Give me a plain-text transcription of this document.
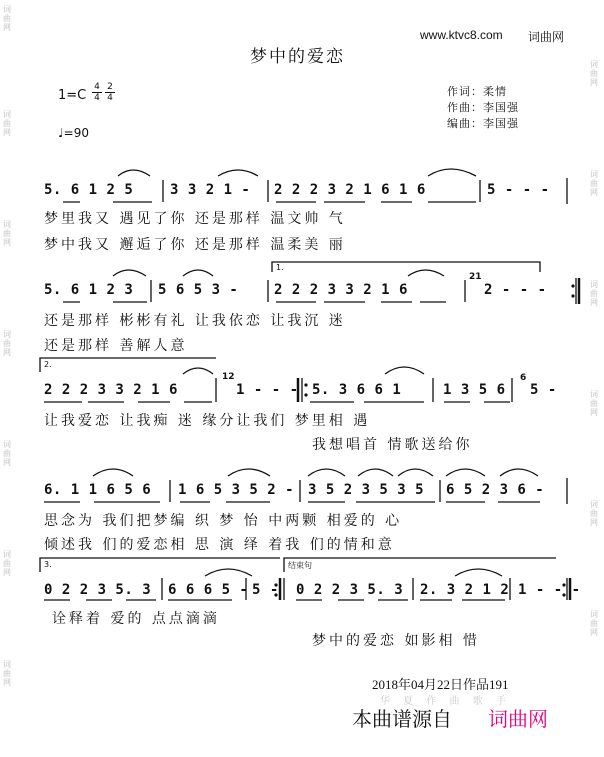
词
曲
网
词
曲
网
词
曲
网
词
曲
网
词
曲
网
词
曲
网
词
曲
网
词
曲
网
词
曲
网
词
曲
网
词
曲
网
词
曲
网
词
曲
网
www.ktvc8.com 词曲网
梦中的爱恋
1=C
4
4
2
4
♩=90
作词：柔情
作曲：李国强
编曲：李国强
5. 6 1 2 5	3 3 2 1 - 2 2 2 3 2 1 6 1 6	5 - - -
梦里我又 遇见了你 还是那样 温文帅 气
梦中我又 邂逅了你 还是那样 温柔美 丽
1.
5. 6 1 2 3 5 6 5 3 -	2 2 2 3 3 2 1 6
21
2 - - -
还是那样 彬彬有礼 让我依恋 让我沉 迷
还是那样 善解人意
2.
2 2 2 3 3 2 1 6
12
1 - - - 5. 3 6 6 1	1 3 5 6
6
5 -
让我爱恋 让我痴 迷 缘分让我们 梦里相 遇
我想唱首 情歌送给你
6. 1 1 6 5 6 1 6 5 3 5 2 - 3 5 2 3 5 3 5 6 5 2 3 6 -
思念为 我们把梦编 织 梦 怡 中两颗 相爱的 心
倾述我 们的爱恋相 思 演 绎 着我 们的情和意
3.	结束句
0 2 2 3 5. 3 6 6 6 5 - 5 - 0 2 2 3 5. 3 2. 3 2 1 2 1 - - -
诠释着 爱的 点点滴滴
梦中的爱恋 如影相 惜
2018年04月22日作品191
华 夏 作 曲 歌 手
本曲谱源自 词曲网
